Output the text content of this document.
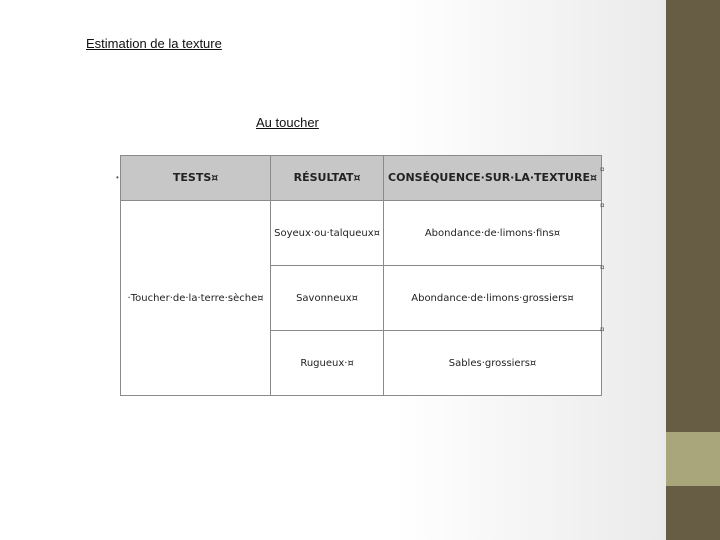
Estimation de la texture
Au toucher
•	TESTS¤	RÉSULTAT¤	CONSÉQUENCE·SUR·LA·TEXTURE¤
·Toucher·de·la·terre·sèche¤	Soyeux·ou·talqueux¤	Abondance·de·limons·fins¤
	Savonneux¤	Abondance·de·limons·grossiers¤
	Rugueux·¤	Sables·grossiers¤
¤
¤
¤
¤
